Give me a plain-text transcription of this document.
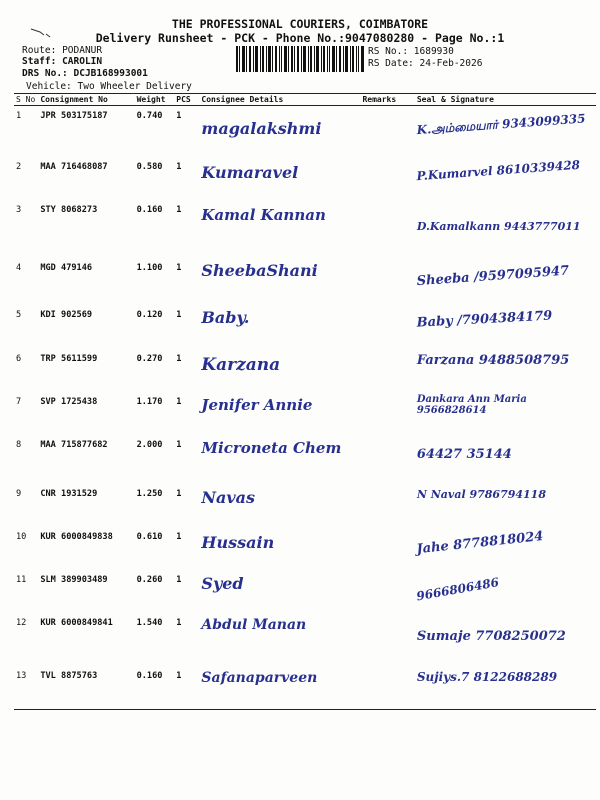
THE PROFESSIONAL COURIERS, COIMBATORE
Delivery Runsheet - PCK - Phone No.:9047080280 - Page No.:1
Route: PODANUR
Staff: CAROLIN
DRS No.: DCJB168993001
Vehicle: Two Wheeler Delivery
RS No.: 1689930
RS Date: 24-Feb-2026
S No	Consignment No	Weight	PCS	Consignee Details	Remarks	Seal & Signature
1	JPR 503175187	0.740	1	magalakshmi		K.அம்மையார் 9343099335
2	MAA 716468087	0.580	1	Kumaravel		P.Kumarvel 8610339428
3	STY 8068273	0.160	1	Kamal Kannan		D.Kamalkann 9443777011
4	MGD 479146	1.100	1	SheebaShani		Sheeba /9597095947
5	KDI 902569	0.120	1	Baby.		Baby /7904384179
6	TRP 5611599	0.270	1	Karzana		Farzana 9488508795
7	SVP 1725438	1.170	1	Jenifer Annie		Dankara Ann Maria 9566828614
8	MAA 715877682	2.000	1	Microneta Chem		64427 35144
9	CNR 1931529	1.250	1	Navas		N Naval 9786794118
10	KUR 6000849838	0.610	1	Hussain		Jahe 8778818024
11	SLM 389903489	0.260	1	Syed		9666806486
12	KUR 6000849841	1.540	1	Abdul Manan		Sumaje 7708250072
13	TVL 8875763	0.160	1	Safanaparveen		Sujiys.7 8122688289
